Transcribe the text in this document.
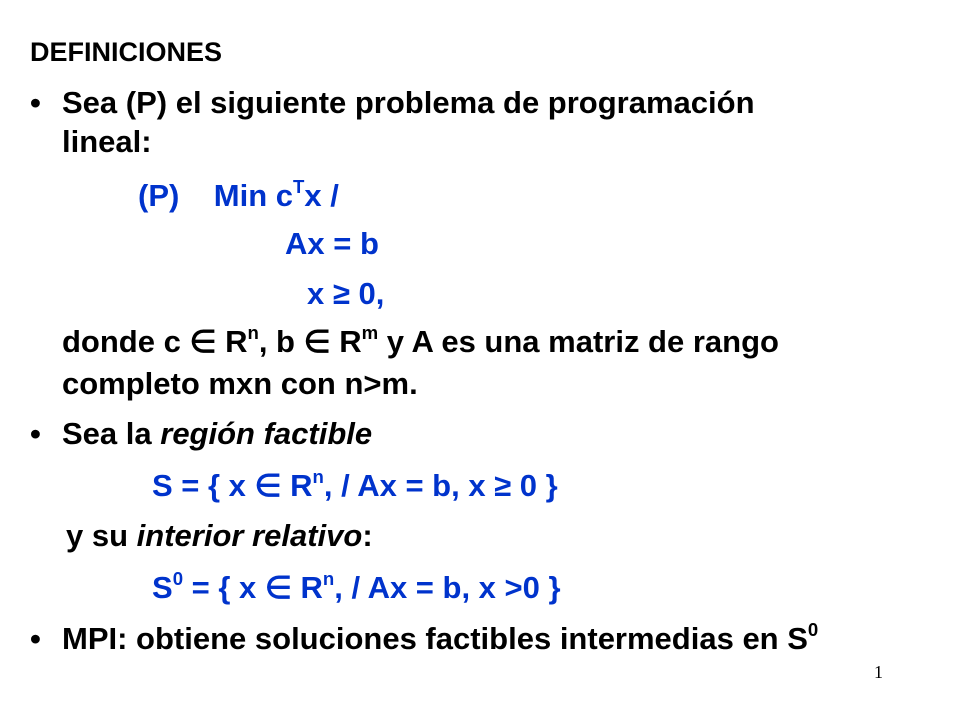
DEFINICIONES
• Sea (P) el siguiente problema de programación
lineal:
(P) Min $c^Tx$ /
Ax = b
x ≥ 0,
donde c ∈ $R^n$, b ∈ $R^m$ y A es una matriz de rango
completo mxn con n>m.
• Sea la región factible
S = { x ∈ $R^n$, / Ax = b, x ≥ 0 }
y su interior relativo:
$S^0$ = { x ∈ $R^n$, / Ax = b, x >0 }
• MPI: obtiene soluciones factibles intermedias en $S^0$
1
